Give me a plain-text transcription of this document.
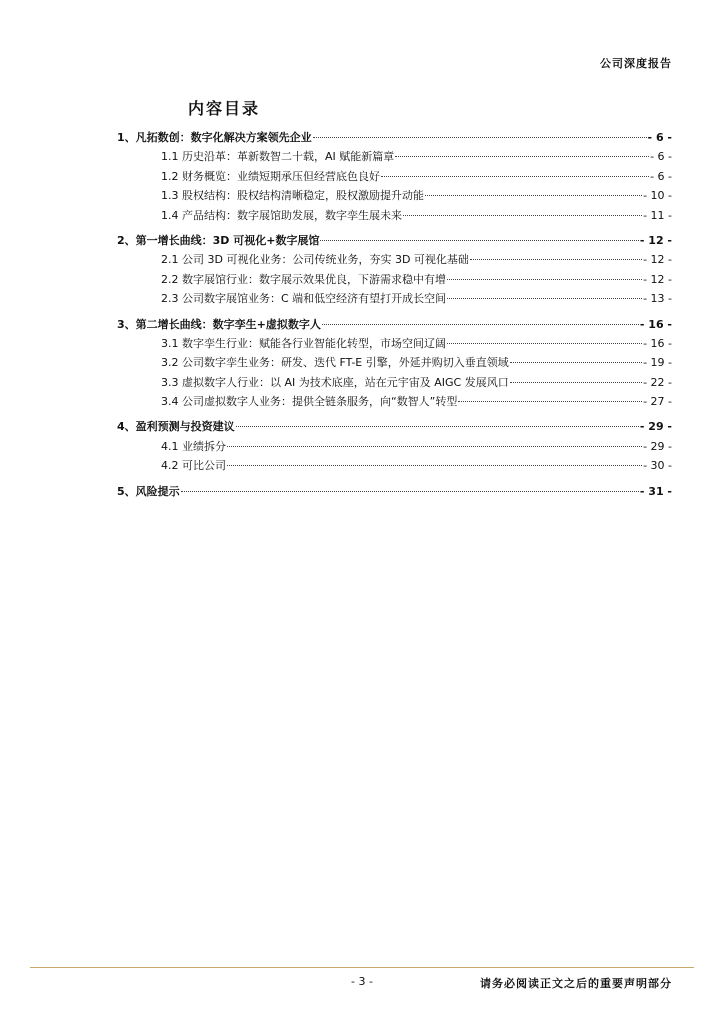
公司深度报告
内容目录
1、凡拓数创：数字化解决方案领先企业	- 6 -
1.1 历史沿革：革新数智二十载，AI 赋能新篇章	- 6 -
1.2 财务概览：业绩短期承压但经营底色良好	- 6 -
1.3 股权结构：股权结构清晰稳定，股权激励提升动能	- 10 -
1.4 产品结构：数字展馆助发展，数字孪生展未来	- 11 -
2、第一增长曲线：3D 可视化+数字展馆	- 12 -
2.1 公司 3D 可视化业务：公司传统业务，夯实 3D 可视化基础	- 12 -
2.2 数字展馆行业：数字展示效果优良，下游需求稳中有增	- 12 -
2.3 公司数字展馆业务：C 端和低空经济有望打开成长空间	- 13 -
3、第二增长曲线：数字孪生+虚拟数字人	- 16 -
3.1 数字孪生行业：赋能各行业智能化转型，市场空间辽阔	- 16 -
3.2 公司数字孪生业务：研发、迭代 FT-E 引擎，外延并购切入垂直领域	- 19 -
3.3 虚拟数字人行业：以 AI 为技术底座，站在元宇宙及 AIGC 发展风口	- 22 -
3.4 公司虚拟数字人业务：提供全链条服务，向“数智人”转型	- 27 -
4、盈利预测与投资建议	- 29 -
4.1 业绩拆分	- 29 -
4.2 可比公司	- 30 -
5、风险提示	- 31 -
- 3 -	请务必阅读正文之后的重要声明部分
